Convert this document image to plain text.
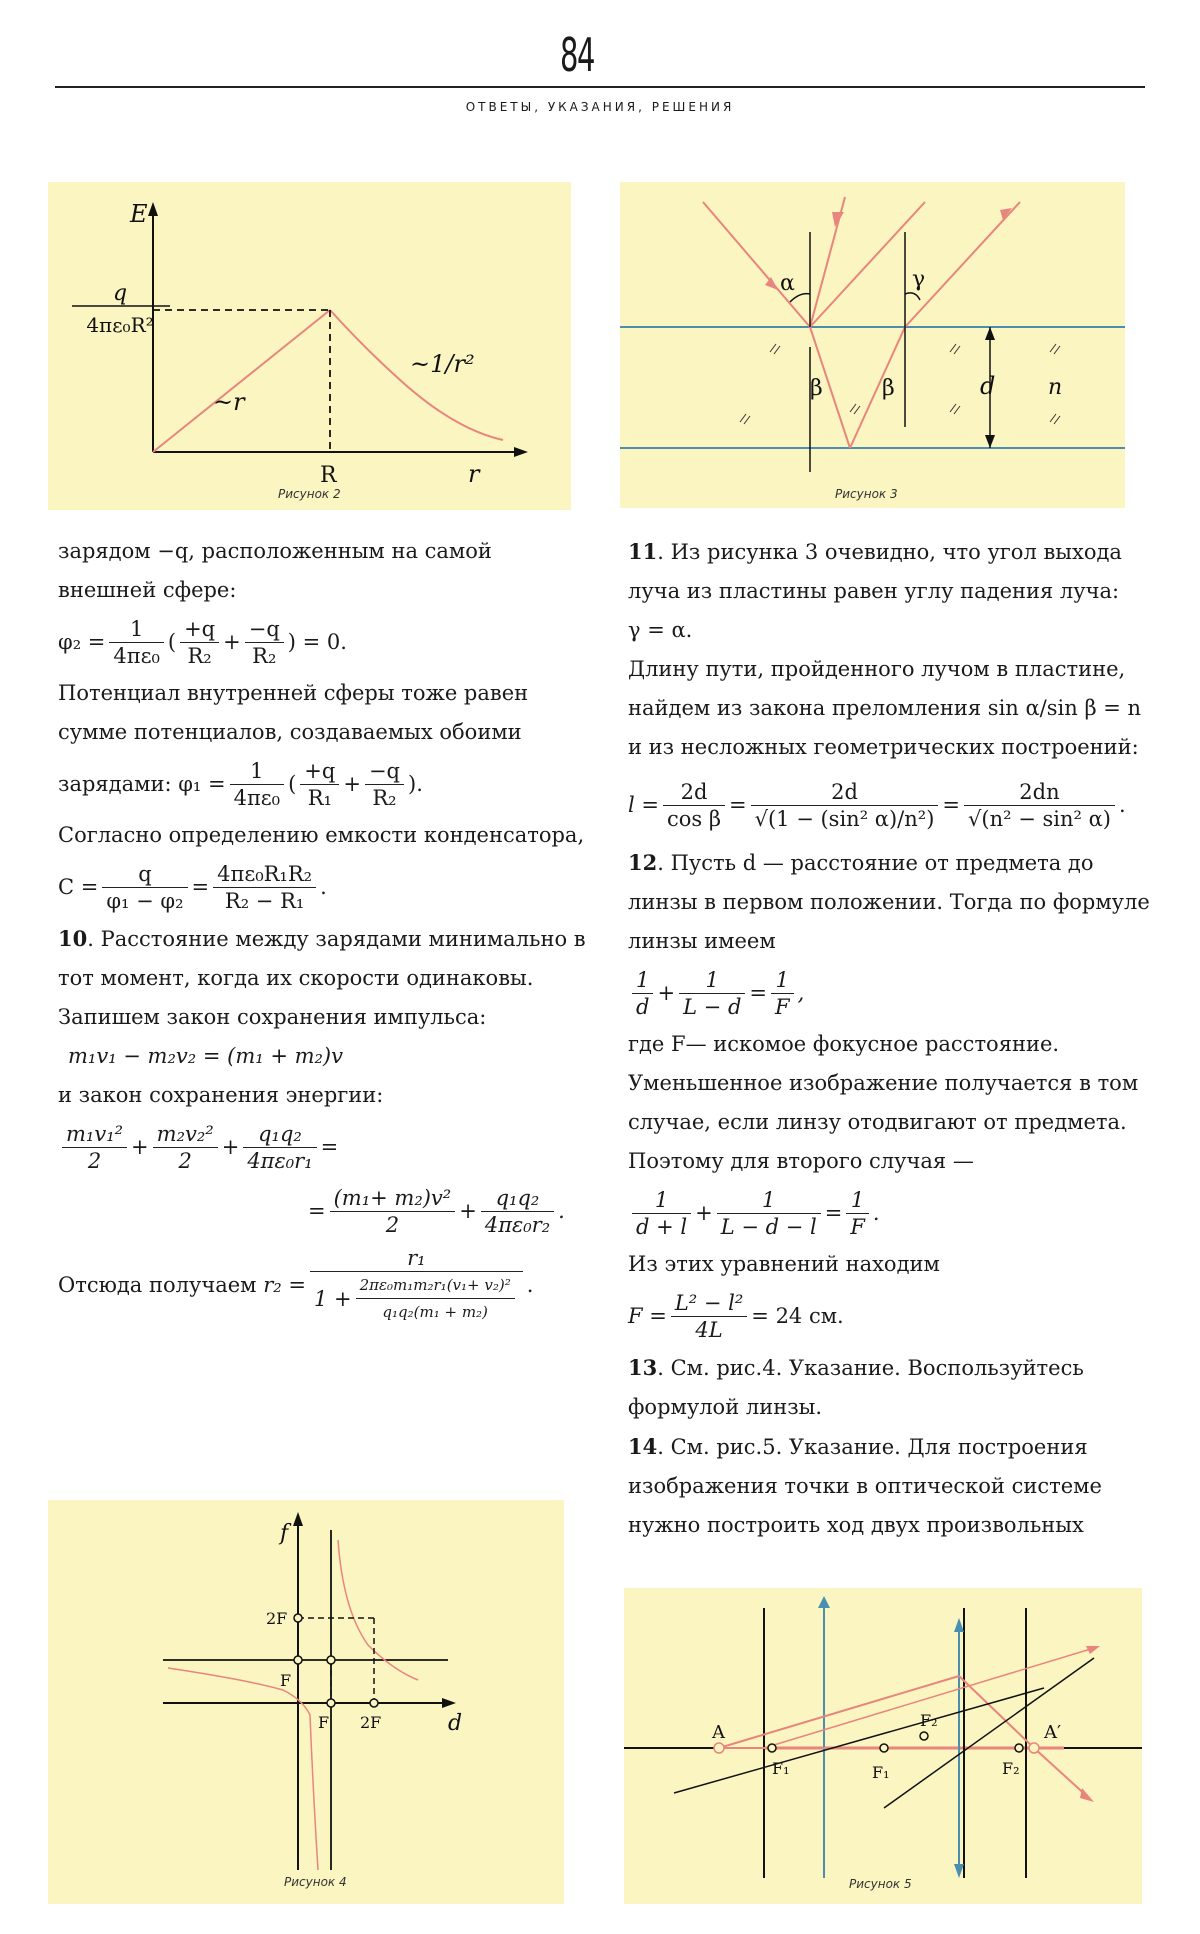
84
ОТВЕТЫ, УКАЗАНИЯ, РЕШЕНИЯ
E
r
R
q
4πε₀R²
~r
~1/r²
Рисунок 2
α	γ
β	β	d n
Рисунок 3

зарядом −q, расположенным на самой внешней сфере:

$\varphi_2 = \frac{1}{\text{4πε₀}}$ ( $\frac{+q}{\text{R₂}} + \frac{-q}{\text{R₂}}$ ) = 0.

Потенциал внутренней сферы тоже равен сумме потенциалов, создаваемых обоими

зарядами:
$\varphi_1 = \frac{1}{\text{4πε₀}}$ ( $\frac{+q}{\text{R₁}} + \frac{-q}{\text{R₂}}$ ).

Согласно определению емкости конденсатора,

$C = \frac{q}{\text{φ₁ − φ₂}} = \frac{\text{4πε₀R₁R₂}}{\text{R₂ − R₁}}$ .

10. Расстояние между зарядами минимально в тот момент, когда их скорости одинаковы. Запишем закон сохранения импульса:

m₁v₁ − m₂v₂ = (m₁ + m₂)v

и закон сохранения энергии:

$\frac{\text{m₁v₁²}}{2} + \frac{\text{m₂v₂²}}{2} + \frac{\text{q₁q₂}}{\text{4πε₀r₁}}$ =
= $\frac{\text{(m₁+ m₂)v²}}{2} + \frac{\text{q₁q₂}}{\text{4πε₀r₂}}$ .
Отсюда получаем
$r_2 = \frac{\text{r₁}}{1 + \frac{\text{2πε₀m₁m₂r₁(v₁+ v₂)²}}{\text{q₁q₂(m₁ + m₂)}}}$ .
f
d
2F
F
F 2F
Рисунок 4

11. Из рисунка 3 очевидно, что угол выхода луча из пластины равен углу падения луча:

γ = α.

Длину пути, пройденного лучом в пластине, найдем из закона преломления sin α/sin β = n и из несложных геометрических построений:

$l = \frac{2d}{\text{cos β}} = \frac{2d}{\text{√(1 − (sin² α)/n²)}} = \frac{2dn}{\text{√(n² − sin² α)}}$ .

12. Пусть d — расстояние от предмета до линзы в первом положении. Тогда по формуле линзы имеем

$\frac{1}{d} + \frac{1}{L - d} = \frac{1}{F}$ ,

где F— искомое фокусное расстояние. Уменьшенное изображение получается в том случае, если линзу отодвигают от предмета. Поэтому для второго случая —

$\frac{1}{d + l} + \frac{1}{L - d - l} = \frac{1}{F}$ .

Из этих уравнений находим

$F = \frac{\text{L² − l²}}{4L} = 24$ см.

13. См. рис.4. Указание. Воспользуйтесь формулой линзы.

14. См. рис.5. Указание. Для построения изображения точки в оптической системе нужно построить ход двух произвольных

A	A′
F₂
F₁	F₁	F₂
Рисунок 5
